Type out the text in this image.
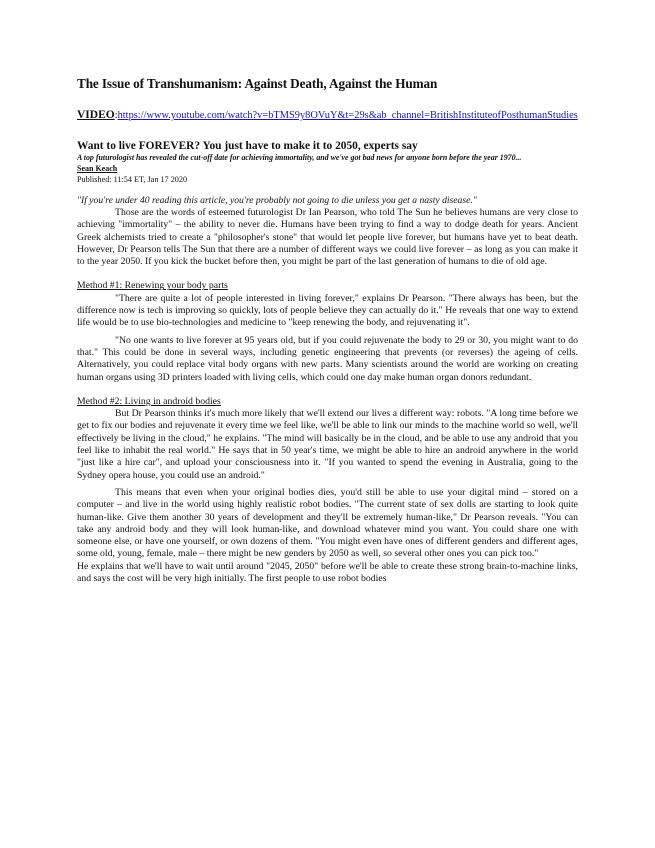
The Issue of Transhumanism: Against Death, Against the Human
VIDEO:https://www.youtube.com/watch?v=bTMS9y8OVuY&t=29s&ab_channel=BritishInstituteofPosthumanStudies
Want to live FOREVER? You just have to make it to 2050, experts say
A top futurologist has revealed the cut-off date for achieving immortality, and we've got bad news for anyone born before the year 1970...
Sean Keach
Published: 11:54 ET, Jan 17 2020
"If you're under 40 reading this article, you're probably not going to die unless you get a nasty disease."

Those are the words of esteemed futurologist Dr Ian Pearson, who told The Sun he believes humans are very close to achieving "immortality" – the ability to never die. Humans have been trying to find a way to dodge death for years. Ancient Greek alchemists tried to create a "philosopher's stone" that would let people live forever, but humans have yet to beat death. However, Dr Pearson tells The Sun that there are a number of different ways we could live forever – as long as you can make it to the year 2050. If you kick the bucket before then, you might be part of the last generation of humans to die of old age.

Method #1: Renewing your body parts

"There are quite a lot of people interested in living forever," explains Dr Pearson. "There always has been, but the difference now is tech is improving so quickly, lots of people believe they can actually do it." He reveals that one way to extend life would be to use bio-technologies and medicine to "keep renewing the body, and rejuvenating it".

"No one wants to live forever at 95 years old, but if you could rejuvenate the body to 29 or 30, you might want to do that." This could be done in several ways, including genetic engineering that prevents (or reverses) the ageing of cells. Alternatively, you could replace vital body organs with new parts. Many scientists around the world are working on creating human organs using 3D printers loaded with living cells, which could one day make human organ donors redundant.

Method #2: Living in android bodies

But Dr Pearson thinks it's much more likely that we'll extend our lives a different way: robots. "A long time before we get to fix our bodies and rejuvenate it every time we feel like, we'll be able to link our minds to the machine world so well, we'll effectively be living in the cloud," he explains. "The mind will basically be in the cloud, and be able to use any android that you feel like to inhabit the real world." He says that in 50 year's time, we might be able to hire an android anywhere in the world "just like a hire car", and upload your consciousness into it. "If you wanted to spend the evening in Australia, going to the Sydney opera house, you could use an android."

This means that even when your original bodies dies, you'd still be able to use your digital mind – stored on a computer – and live in the world using highly realistic robot bodies. "The current state of sex dolls are starting to look quite human-like. Give them another 30 years of development and they'll be extremely human-like," Dr Pearson reveals. "You can take any android body and they will look human-like, and download whatever mind you want. You could share one with someone else, or have one yourself, or own dozens of them. "You might even have ones of different genders and different ages, some old, young, female, male – there might be new genders by 2050 as well, so several other ones you can pick too."

He explains that we'll have to wait until around "2045, 2050" before we'll be able to create these strong brain-to-machine links, and says the cost will be very high initially. The first people to use robot bodies
